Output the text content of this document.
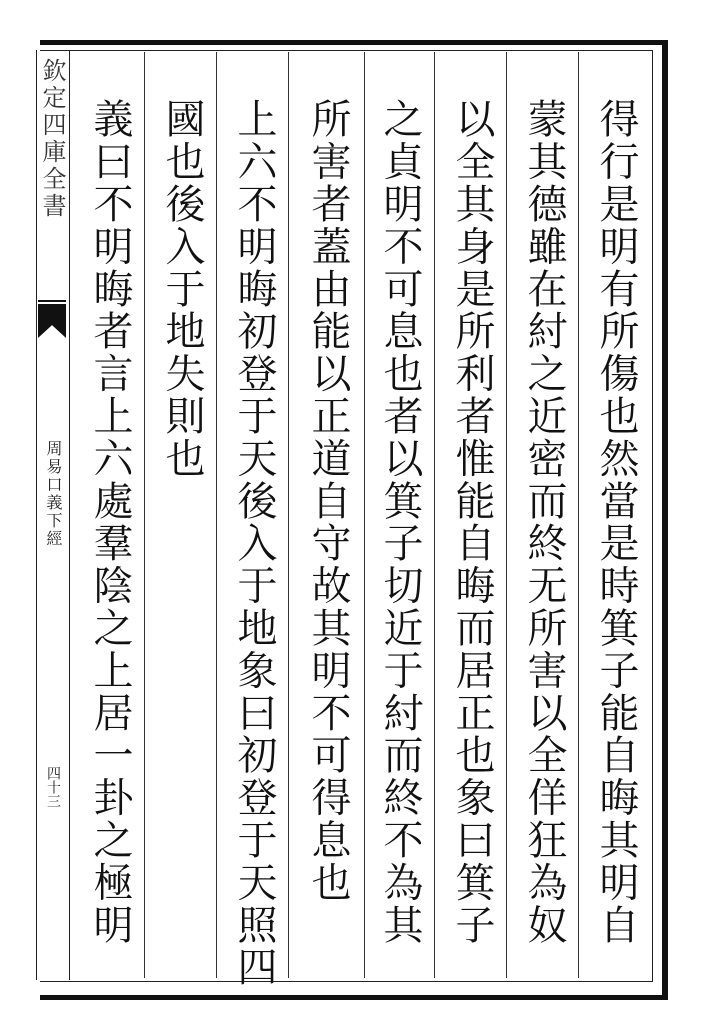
欽定四庫全書
周易口義下經
四十三	得行是明有所傷也然當是時箕子能自晦其明自
蒙其德雖在紂之近密而終无所害以全佯狂為奴
以全其身是所利者惟能自晦而居正也象曰箕子
之貞明不可息也者以箕子切近于紂而終不為其
所害者蓋由能以正道自守故其明不可得息也
上六不明晦初登于天後入于地象曰初登于天照四
國也後入于地失則也
義曰不明晦者言上六處羣陰之上居一卦之極明
